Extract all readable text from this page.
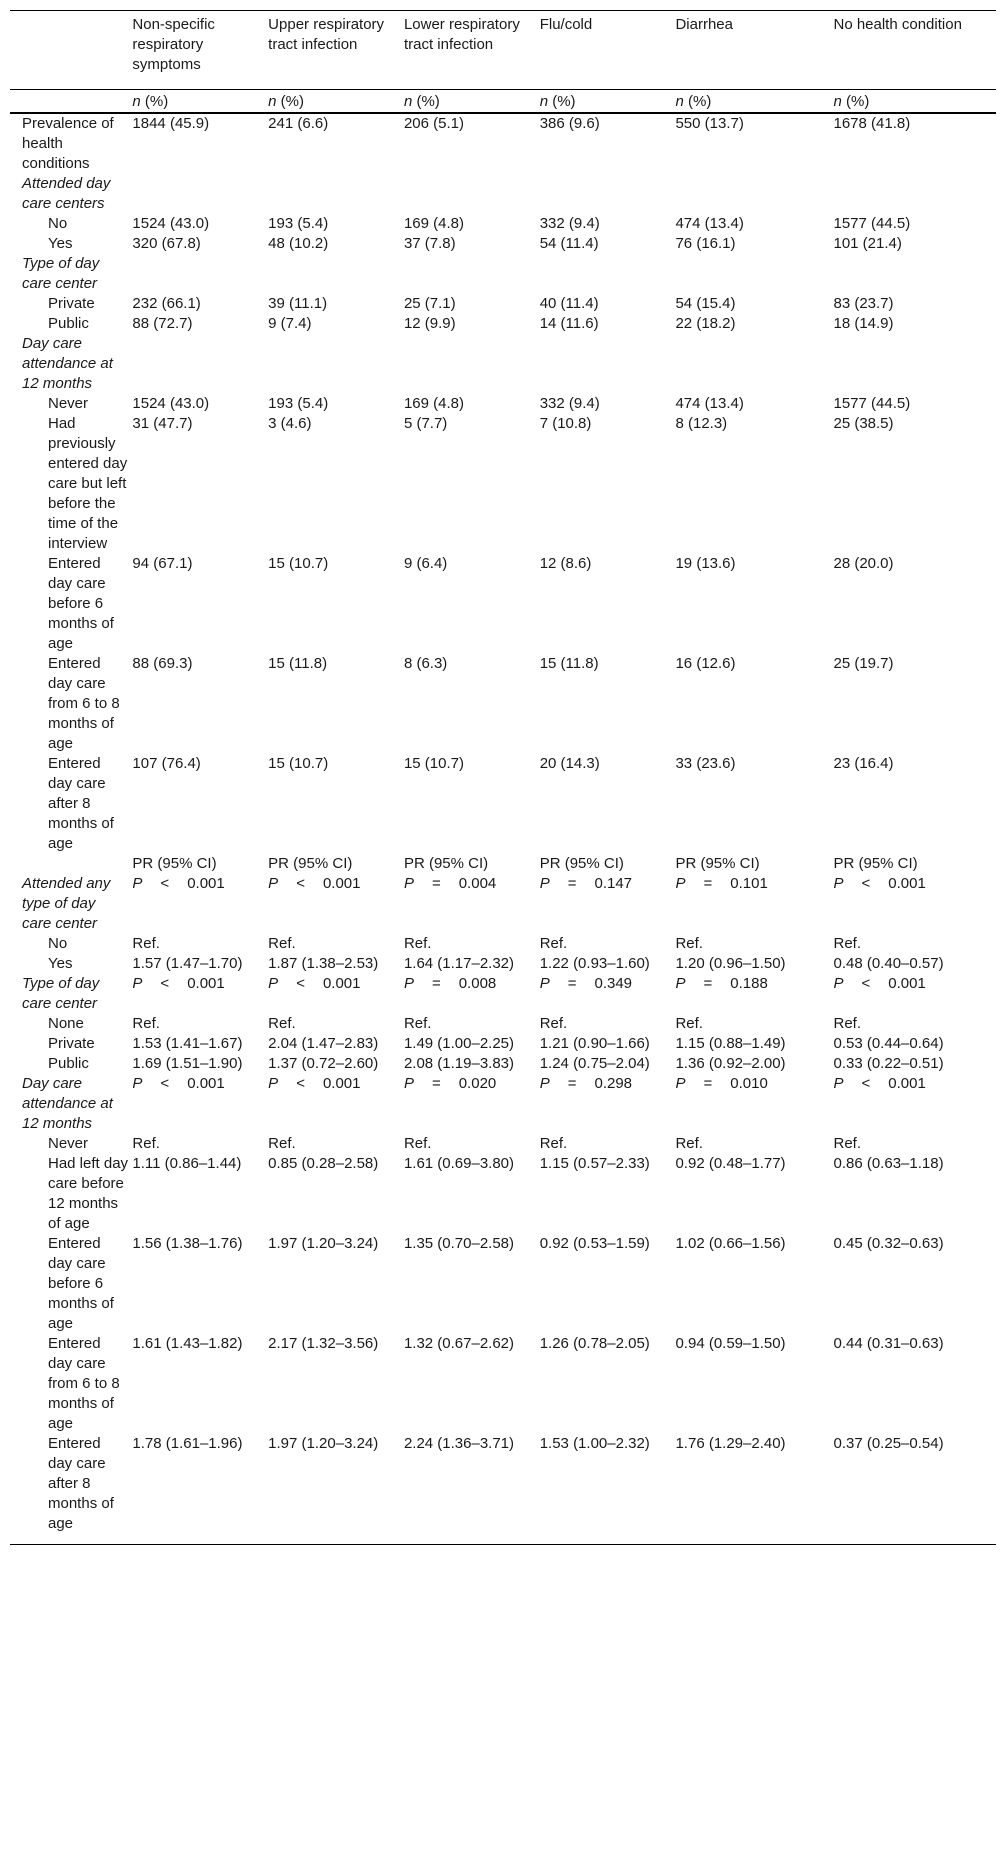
	Non-specific respiratory symptoms	Upper respiratory tract infection	Lower respiratory tract infection	Flu/cold	Diarrhea	No health condition
	n (%)	n (%)	n (%)	n (%)	n (%)	n (%)
Prevalence of health conditions	1844 (45.9)	241 (6.6)	206 (5.1)	386 (9.6)	550 (13.7)	1678 (41.8)
Attended day care centers						
No	1524 (43.0)	193 (5.4)	169 (4.8)	332 (9.4)	474 (13.4)	1577 (44.5)
Yes	320 (67.8)	48 (10.2)	37 (7.8)	54 (11.4)	76 (16.1)	101 (21.4)
Type of day care center						
Private	232 (66.1)	39 (11.1)	25 (7.1)	40 (11.4)	54 (15.4)	83 (23.7)
Public	88 (72.7)	9 (7.4)	12 (9.9)	14 (11.6)	22 (18.2)	18 (14.9)
Day care attendance at 12 months						
Never	1524 (43.0)	193 (5.4)	169 (4.8)	332 (9.4)	474 (13.4)	1577 (44.5)
Had previously entered day care but left before the time of the interview	31 (47.7)	3 (4.6)	5 (7.7)	7 (10.8)	8 (12.3)	25 (38.5)
Entered day care before 6 months of age	94 (67.1)	15 (10.7)	9 (6.4)	12 (8.6)	19 (13.6)	28 (20.0)
Entered day care from 6 to 8 months of age	88 (69.3)	15 (11.8)	8 (6.3)	15 (11.8)	16 (12.6)	25 (19.7)
Entered day care after 8 months of age	107 (76.4)	15 (10.7)	15 (10.7)	20 (14.3)	33 (23.6)	23 (16.4)
	PR (95% CI)	PR (95% CI)	PR (95% CI)	PR (95% CI)	PR (95% CI)	PR (95% CI)
Attended any type of day care center	P < 0.001	P < 0.001	P = 0.004	P = 0.147	P = 0.101	P < 0.001
No	Ref.	Ref.	Ref.	Ref.	Ref.	Ref.
Yes	1.57 (1.47–1.70)	1.87 (1.38–2.53)	1.64 (1.17–2.32)	1.22 (0.93–1.60)	1.20 (0.96–1.50)	0.48 (0.40–0.57)
Type of day care center	P < 0.001	P < 0.001	P = 0.008	P = 0.349	P = 0.188	P < 0.001
None	Ref.	Ref.	Ref.	Ref.	Ref.	Ref.
Private	1.53 (1.41–1.67)	2.04 (1.47–2.83)	1.49 (1.00–2.25)	1.21 (0.90–1.66)	1.15 (0.88–1.49)	0.53 (0.44–0.64)
Public	1.69 (1.51–1.90)	1.37 (0.72–2.60)	2.08 (1.19–3.83)	1.24 (0.75–2.04)	1.36 (0.92–2.00)	0.33 (0.22–0.51)
Day care attendance at 12 months	P < 0.001	P < 0.001	P = 0.020	P = 0.298	P = 0.010	P < 0.001
Never	Ref.	Ref.	Ref.	Ref.	Ref.	Ref.
Had left day care before 12 months of age	1.11 (0.86–1.44)	0.85 (0.28–2.58)	1.61 (0.69–3.80)	1.15 (0.57–2.33)	0.92 (0.48–1.77)	0.86 (0.63–1.18)
Entered day care before 6 months of age	1.56 (1.38–1.76)	1.97 (1.20–3.24)	1.35 (0.70–2.58)	0.92 (0.53–1.59)	1.02 (0.66–1.56)	0.45 (0.32–0.63)
Entered day care from 6 to 8 months of age	1.61 (1.43–1.82)	2.17 (1.32–3.56)	1.32 (0.67–2.62)	1.26 (0.78–2.05)	0.94 (0.59–1.50)	0.44 (0.31–0.63)
Entered day care after 8 months of age	1.78 (1.61–1.96)	1.97 (1.20–3.24)	2.24 (1.36–3.71)	1.53 (1.00–2.32)	1.76 (1.29–2.40)	0.37 (0.25–0.54)
